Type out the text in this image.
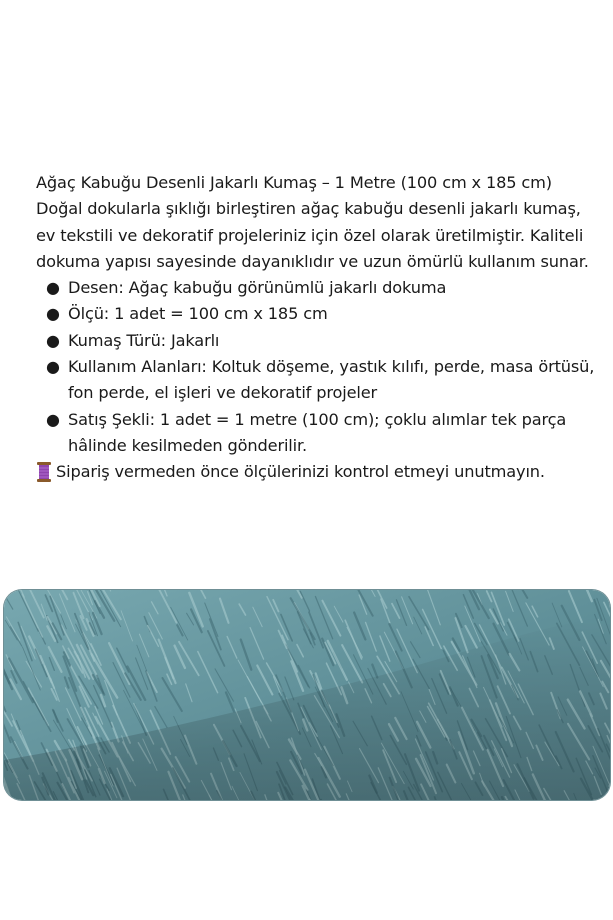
Ağaç Kabuğu Desenli Jakarlı Kumaş – 1 Metre (100 cm x 185 cm)

Doğal dokularla şıklığı birleştiren ağaç kabuğu desenli jakarlı kumaş, ev tekstili ve dekoratif projeleriniz için özel olarak üretilmiştir. Kaliteli dokuma yapısı sayesinde dayanıklıdır ve uzun ömürlü kullanım sunar.

● Desen: Ağaç kabuğu görünümlü jakarlı dokuma
● Ölçü: 1 adet = 100 cm x 185 cm
● Kumaş Türü: Jakarlı
● Kullanım Alanları: Koltuk döşeme, yastık kılıfı, perde, masa örtüsü, fon perde, el işleri ve dekoratif projeler
● Satış Şekli: 1 adet = 1 metre (100 cm); çoklu alımlar tek parça hâlinde kesilmeden gönderilir.
Sipariş vermeden önce ölçülerinizi kontrol etmeyi unutmayın.
